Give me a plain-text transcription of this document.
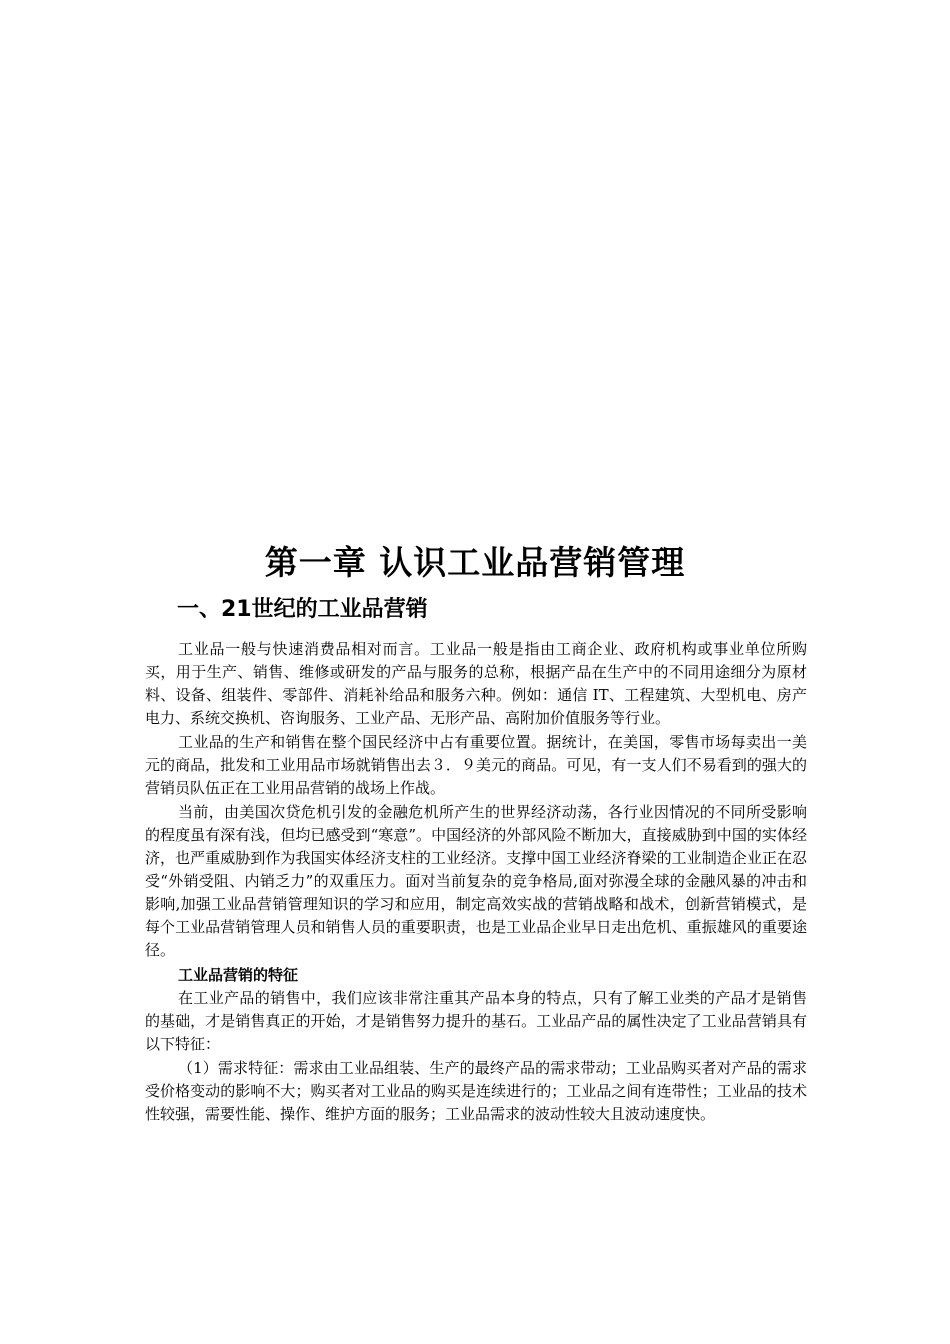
第一章 认识工业品营销管理
一、21世纪的工业品营销

工业品一般与快速消费品相对而言。工业品一般是指由工商企业、政府机构或事业单位所购买，用于生产、销售、维修或研发的产品与服务的总称，根据产品在生产中的不同用途细分为原材料、设备、组装件、零部件、消耗补给品和服务六种。例如：通信 IT、工程建筑、大型机电、房产电力、系统交换机、咨询服务、工业产品、无形产品、高附加价值服务等行业。

工业品的生产和销售在整个国民经济中占有重要位置。据统计，在美国，零售市场每卖出一美元的商品，批发和工业用品市场就销售出去３．９美元的商品。可见，有一支人们不易看到的强大的营销员队伍正在工业用品营销的战场上作战。

当前，由美国次贷危机引发的金融危机所产生的世界经济动荡，各行业因情况的不同所受影响的程度虽有深有浅，但均已感受到“寒意”。中国经济的外部风险不断加大，直接威胁到中国的实体经济，也严重威胁到作为我国实体经济支柱的工业经济。支撑中国工业经济脊梁的工业制造企业正在忍受“外销受阻、内销乏力”的双重压力。面对当前复杂的竞争格局,面对弥漫全球的金融风暴的冲击和影响,加强工业品营销管理知识的学习和应用，制定高效实战的营销战略和战术，创新营销模式，是每个工业品营销管理人员和销售人员的重要职责，也是工业品企业早日走出危机、重振雄风的重要途径。

工业品营销的特征

在工业产品的销售中，我们应该非常注重其产品本身的特点，只有了解工业类的产品才是销售的基础，才是销售真正的开始，才是销售努力提升的基石。工业品产品的属性决定了工业品营销具有以下特征：

（1）需求特征：需求由工业品组装、生产的最终产品的需求带动；工业品购买者对产品的需求受价格变动的影响不大；购买者对工业品的购买是连续进行的；工业品之间有连带性；工业品的技术性较强，需要性能、操作、维护方面的服务；工业品需求的波动性较大且波动速度快。
